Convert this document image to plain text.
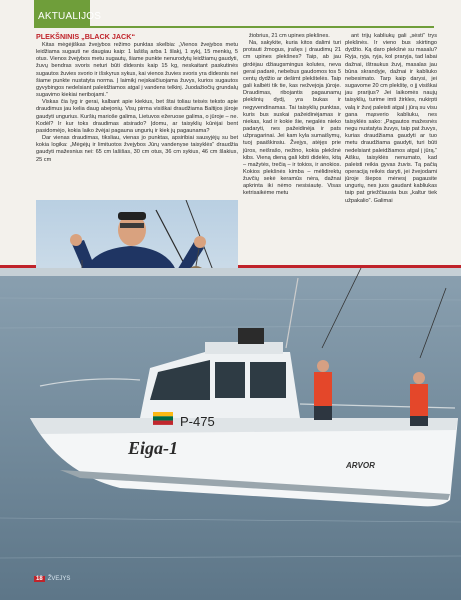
AKTUALIJOS
PLEKŠNINIS „BLACK JACK“

Kitas mėgėjiškas žvejybos režimo punktas skelbia: „Vienos žvejybos metu leidžiama sugauti ne daugiau kaip: 1 lašišą arba 1 šlakį, 1 sykį, 15 menkių, 5 otus. Vienos žvejybos metu sugautų, šiame punkte nenurodytų leidžiamų gaudyti, žuvų bendras svoris neturi būti didesnis kaip 15 kg, neskaitant paskutinės sugautos žuvies svorio ir išskyrus sykus, kai vienos žuvies svoris yra didesnis nei šiame punkte nustatyta norma. Į laimikį neįskaičiuojama žuvys, kurios sugautos gyvybingos nedelsiant paleidžiamos atgal į vandens telkinį. Juodažiočių grundalų sugavimo kiekiai neribojami.“

Viskas čia lyg ir gerai, kalbant apie kiekius, bet štai toliau teisės teksto apie draudimus jau kelia daug abejonių. Visų pirma visiškai draudžiama Baltijos jūroje gaudyti ungurius. Kuršių marioše galima, Lietuvos ežeruose galima, o jūroje – ne. Kodėl? Ir kur toks draudimas atsirado? Įdomu, ar taisyklių kūrėjai bent pasidomėjo, kokia laiko žvėjai pagauna ungurių ir kiek jų pagaunama?

Dar vienas draudimas, tiksliau, vienas jo punktas, apsiribiai sausyjėjų su bet kokia logika: „Mėgėjų ir limituotos žvejybos Jūrų vandenyse taisyklės“ draudžia gaudyti mažesnius nei: 65 cm lašišas, 30 cm otus, 36 cm sykius, 46 cm šlakius, 25 cm

žiobrius, 21 cm upines plekšnes.

Na, sakykite, kuria kitos dalimi turi protauti žmogus, įrašęs į draudimų 21 cm upines plekšnes? Taip, ab jau girdėjau džiaugsmingus kolutes, neva gerai padarė, nebebus gaudomos tos 5 centų dydžio ar dešimt plekštelės. Taip gali kalbėti tik tie, kas nežvejoja jūroje. Draudimas, ribojantis pagaunamų plekšnių dydį, yra bukas ir negyvendinamas. Tai taisyklių punktas, kuris bus suskai pažeidinėjamas ir niekas, kad ir kokie šie, negalės nieko padaryti, nes pažeidinėja ir pats užpragarinai. Jei kam kyla sumaišymų, tuoj paaiškinsiu. Žvejys, atėjęs prie jūros, neišrašo, nežino, kokia plekšnė kibs. Vieną dieną gali kibti didelės, kitą – mažytės, trečią – ir tokios, ir anokios. Kokios plekšnės kimba – mėlidirektų žuvčių sekė keramūs nėra, dažnai apkrinta iki nėmo nesisiautę. Visas ketrisaikėme metu

ant trijų kabliukų gali „sėsti“ trys plekšnės. Ir vieno bus skirtingo dydžio. Ką daro plekšnė su masalu? Ryja, ryja, ryja, kol praryja, tad labai dažnai, ištraukus žuvį, masalas jau būna skrandyje, dažnai ir kabliuko nebesimato. Tarp kaip darysi, jei sugavome 20 cm plekštę, o jį visiškai jau prarijus? Jei laikomės naujų taisyklių, turime imti žirkles, nukirpti valą ir žuvį paleisti atgal į jūrą su visu gana mąsverio kabliuku, nes taisyklės sako: „Pagautos mažesnės negu nustatyta žuvys, taip pat žuvys, kurias draudžiama gaudyti ar tuo metu draudžiama gaudyti, turi būti nedelsiant paleidžiamos atgal į jūrą.“ Aišku, taisyklės nenumato, kad paleisti reikia gyvas žuvis. Tą pačią operaciją reikės daryti, jei žvejodami jūroje šiepos mėnesį pagausite ungurių, nes juos gaudant kabliukas taip pat griežčiausia bus „kaltur tiek užpakalio“. Galimai

P-475
Eiga-1
ARVOR
18 ŽVEJYS
